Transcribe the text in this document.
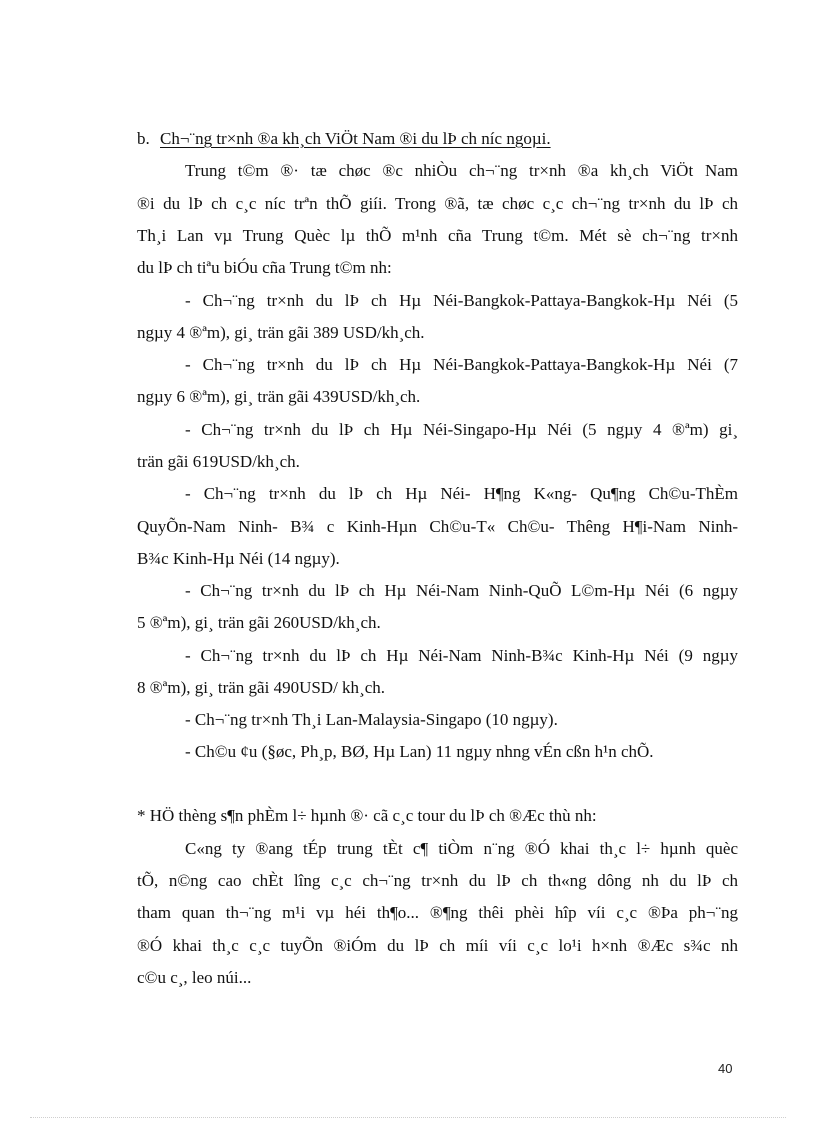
b. Ch¬¨ng tr×nh ®a kh¸ch ViÖt Nam ®i du lÞ ch níc ngoµi.
Trung t©m ®· tæ chøc ®c nhiÒu ch¬¨ng tr×nh ®a kh¸ch ViÖt Nam
®i du lÞ ch c¸c níc trªn thÕ giíi. Trong ®ã, tæ chøc c¸c ch¬¨ng tr×nh du lÞ ch
Th¸i Lan vµ Trung Quèc lµ thÕ m¹nh cña Trung t©m. Mét sè ch¬¨ng tr×nh
du lÞ ch tiªu biÓu cña Trung t©m nh:
- Ch¬¨ng tr×nh du lÞ ch Hµ Néi-Bangkok-Pattaya-Bangkok-Hµ Néi (5
ngµy 4 ®ªm), gi¸ trän gãi 389 USD/kh¸ch.
- Ch¬¨ng tr×nh du lÞ ch Hµ Néi-Bangkok-Pattaya-Bangkok-Hµ Néi (7
ngµy 6 ®ªm), gi¸ trän gãi 439USD/kh¸ch.
- Ch¬¨ng tr×nh du lÞ ch Hµ Néi-Singapo-Hµ Néi (5 ngµy 4 ®ªm) gi¸
trän gãi 619USD/kh¸ch.
- Ch¬¨ng tr×nh du lÞ ch Hµ Néi- H¶ng K«ng- Qu¶ng Ch©u-ThÈm
QuyÕn-Nam Ninh- B¾ c Kinh-Hµn Ch©u-T« Ch©u- Thêng H¶i-Nam Ninh-
B¾c Kinh-Hµ Néi (14 ngµy).
- Ch¬¨ng tr×nh du lÞ ch Hµ Néi-Nam Ninh-QuÕ L©m-Hµ Néi (6 ngµy
5 ®ªm), gi¸ trän gãi 260USD/kh¸ch.
- Ch¬¨ng tr×nh du lÞ ch Hµ Néi-Nam Ninh-B¾c Kinh-Hµ Néi (9 ngµy
8 ®ªm), gi¸ trän gãi 490USD/ kh¸ch.
- Ch¬¨ng tr×nh Th¸i Lan-Malaysia-Singapo (10 ngµy).
- Ch©u ¢u (§øc, Ph¸p, BØ, Hµ Lan) 11 ngµy nhng vÉn cßn h¹n chÕ.
* HÖ thèng s¶n phÈm l÷ hµnh ®· cã c¸c tour du lÞ ch ®Æc thù nh:
C«ng ty ®ang tÉp trung tÈt c¶ tiÒm n¨ng ®Ó khai th¸c l÷ hµnh quèc
tÕ, n©ng cao chÈt lîng c¸c ch¬¨ng tr×nh du lÞ ch th«ng dông nh du lÞ ch
tham quan th¬¨ng m¹i vµ héi th¶o... ®¶ng thêi phèi hîp víi c¸c ®Þa ph¬¨ng
®Ó khai th¸c c¸c tuyÕn ®iÓm du lÞ ch míi víi c¸c lo¹i h×nh ®Æc s¾c nh
c©u c¸, leo núi...
40
